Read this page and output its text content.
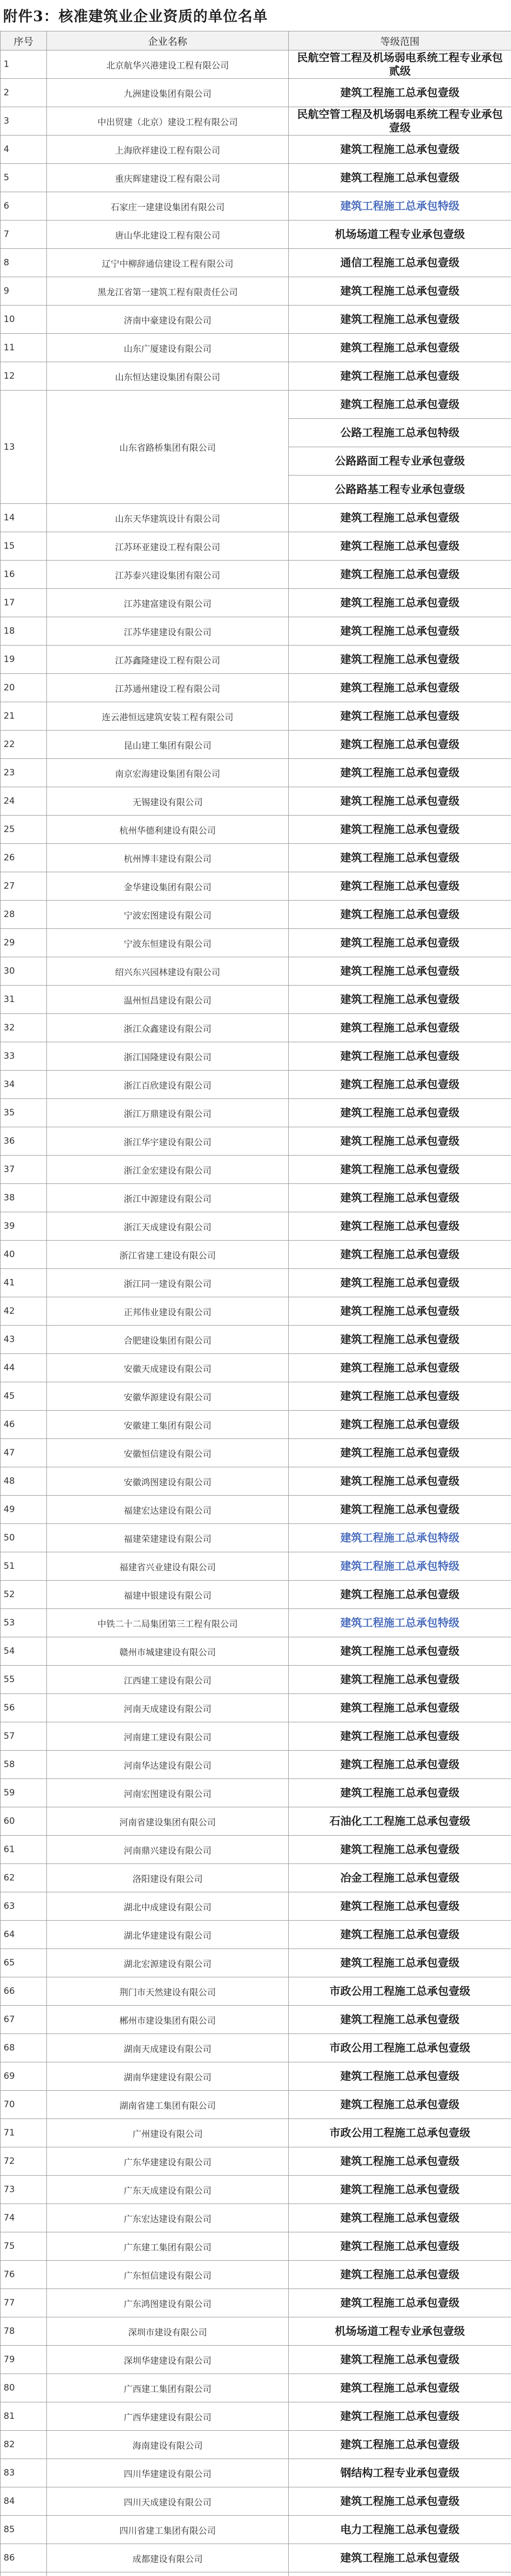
附件3：核准建筑业企业资质的单位名单
序号	企业名称	等级范围
1	北京航华兴港建设工程有限公司	民航空管工程及机场弱电系统工程专业承包贰级
2	九洲建设集团有限公司	建筑工程施工总承包壹级
3	中出贸建（北京）建设工程有限公司	民航空管工程及机场弱电系统工程专业承包壹级
4	上海欣祥建设工程有限公司	建筑工程施工总承包壹级
5	重庆辉建建设工程有限公司	建筑工程施工总承包壹级
6	石家庄一建建设集团有限公司	建筑工程施工总承包特级
7	唐山华北建设工程有限公司	机场场道工程专业承包壹级
8	辽宁中柳辞通信建设工程有限公司	通信工程施工总承包壹级
9	黑龙江省第一建筑工程有限责任公司	建筑工程施工总承包壹级
10	济南中豪建设有限公司	建筑工程施工总承包壹级
11	山东广厦建设有限公司	建筑工程施工总承包壹级
12	山东恒达建设集团有限公司	建筑工程施工总承包壹级
13	山东省路桥集团有限公司	建筑工程施工总承包壹级
		公路工程施工总承包特级
		公路路面工程专业承包壹级
		公路路基工程专业承包壹级
14	山东天华建筑设计有限公司	建筑工程施工总承包壹级
15	江苏环亚建设工程有限公司	建筑工程施工总承包壹级
16	江苏泰兴建设集团有限公司	建筑工程施工总承包壹级
17	江苏建富建设有限公司	建筑工程施工总承包壹级
18	江苏华建建设有限公司	建筑工程施工总承包壹级
19	江苏鑫隆建设工程有限公司	建筑工程施工总承包壹级
20	江苏通州建设工程有限公司	建筑工程施工总承包壹级
21	连云港恒远建筑安装工程有限公司	建筑工程施工总承包壹级
22	昆山建工集团有限公司	建筑工程施工总承包壹级
23	南京宏海建设集团有限公司	建筑工程施工总承包壹级
24	无锡建设有限公司	建筑工程施工总承包壹级
25	杭州华德利建设有限公司	建筑工程施工总承包壹级
26	杭州博丰建设有限公司	建筑工程施工总承包壹级
27	金华建设集团有限公司	建筑工程施工总承包壹级
28	宁波宏图建设有限公司	建筑工程施工总承包壹级
29	宁波东恒建设有限公司	建筑工程施工总承包壹级
30	绍兴东兴园林建设有限公司	建筑工程施工总承包壹级
31	温州恒昌建设有限公司	建筑工程施工总承包壹级
32	浙江众鑫建设有限公司	建筑工程施工总承包壹级
33	浙江国隆建设有限公司	建筑工程施工总承包壹级
34	浙江百欣建设有限公司	建筑工程施工总承包壹级
35	浙江万鼎建设有限公司	建筑工程施工总承包壹级
36	浙江华宇建设有限公司	建筑工程施工总承包壹级
37	浙江金宏建设有限公司	建筑工程施工总承包壹级
38	浙江中源建设有限公司	建筑工程施工总承包壹级
39	浙江天成建设有限公司	建筑工程施工总承包壹级
40	浙江省建工建设有限公司	建筑工程施工总承包壹级
41	浙江同一建设有限公司	建筑工程施工总承包壹级
42	正邦伟业建设有限公司	建筑工程施工总承包壹级
43	合肥建设集团有限公司	建筑工程施工总承包壹级
44	安徽天成建设有限公司	建筑工程施工总承包壹级
45	安徽华源建设有限公司	建筑工程施工总承包壹级
46	安徽建工集团有限公司	建筑工程施工总承包壹级
47	安徽恒信建设有限公司	建筑工程施工总承包壹级
48	安徽鸿图建设有限公司	建筑工程施工总承包壹级
49	福建宏达建设有限公司	建筑工程施工总承包壹级
50	福建荣建建设有限公司	建筑工程施工总承包特级
51	福建省兴业建设有限公司	建筑工程施工总承包特级
52	福建中银建设有限公司	建筑工程施工总承包壹级
53	中铁二十二局集团第三工程有限公司	建筑工程施工总承包特级
54	赣州市城建建设有限公司	建筑工程施工总承包壹级
55	江西建工建设有限公司	建筑工程施工总承包壹级
56	河南天成建设有限公司	建筑工程施工总承包壹级
57	河南建工建设有限公司	建筑工程施工总承包壹级
58	河南华达建设有限公司	建筑工程施工总承包壹级
59	河南宏图建设有限公司	建筑工程施工总承包壹级
60	河南省建设集团有限公司	石油化工工程施工总承包壹级
61	河南鼎兴建设有限公司	建筑工程施工总承包壹级
62	洛阳建设有限公司	冶金工程施工总承包壹级
63	湖北中成建设有限公司	建筑工程施工总承包壹级
64	湖北华建建设有限公司	建筑工程施工总承包壹级
65	湖北宏源建设有限公司	建筑工程施工总承包壹级
66	荆门市天然建设有限公司	市政公用工程施工总承包壹级
67	郴州市建设集团有限公司	建筑工程施工总承包壹级
68	湖南天成建设有限公司	市政公用工程施工总承包壹级
69	湖南华建建设有限公司	建筑工程施工总承包壹级
70	湖南省建工集团有限公司	建筑工程施工总承包壹级
71	广州建设有限公司	市政公用工程施工总承包壹级
72	广东华建建设有限公司	建筑工程施工总承包壹级
73	广东天成建设有限公司	建筑工程施工总承包壹级
74	广东宏达建设有限公司	建筑工程施工总承包壹级
75	广东建工集团有限公司	建筑工程施工总承包壹级
76	广东恒信建设有限公司	建筑工程施工总承包壹级
77	广东鸿图建设有限公司	建筑工程施工总承包壹级
78	深圳市建设有限公司	机场场道工程专业承包壹级
79	深圳华建建设有限公司	建筑工程施工总承包壹级
80	广西建工集团有限公司	建筑工程施工总承包壹级
81	广西华建建设有限公司	建筑工程施工总承包壹级
82	海南建设有限公司	建筑工程施工总承包壹级
83	四川华建建设有限公司	钢结构工程专业承包壹级
84	四川天成建设有限公司	建筑工程施工总承包壹级
85	四川省建工集团有限公司	电力工程施工总承包壹级
86	成都建设有限公司	建筑工程施工总承包壹级
